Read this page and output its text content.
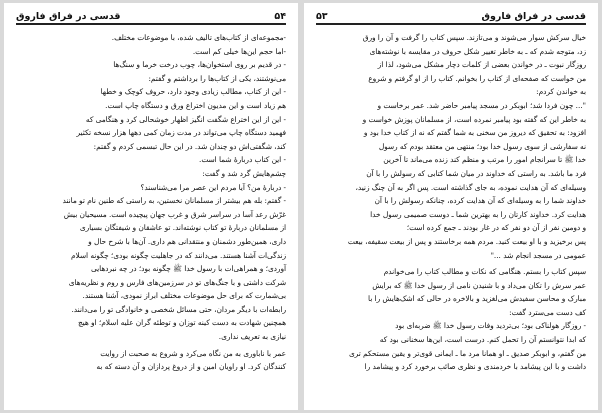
۵۴
قدسی در فراق فاروق

-مجموعه‌ای از کتاب‌های تالیف شده، با موضوعات مختلف.

-اما حجم این‌ها خیلی کم است.

- در قدیم بر روی استخوان‌ها، چوب درخت خرما و سنگ‌ها

می‌نوشتند، یکی از کتاب‌ها را برداشتم و گفتم:

- این از کتاب، مطالب زیادی وجود دارد، حروف کوچک و خطها

هم زیاد است و این مدیون اختراع ورق و دستگاه چاپ است.

- این از این اختراع شگفت انگیز اظهار خوشحالی کرد و هنگامی که

فهمید دستگاه چاپ می‌تواند در مدت زمان کمی دهها هزار نسخه تکثیر

کند، شگفتی‌اش دو چندان شد. در این حال تبسمی کردم و گفتم:

- این کتاب دربارهٔ شما است.

چشم‌هایش گرد شد و گفت:

- دربارهٔ من؟ آیا مردم این عصر مرا می‌شناسند؟

- گفتم: بله هم بیشتر از مسلمانان نخستین، به راستی که طنین نام تو مانند

غرّش رعد آسا در سراسر شرق و غرب جهان پیچیده است. مسیحیان بیش

از مسلمانان دربارهٔ تو کتاب نوشته‌اند. تو عاشقان و شیفتگان بسیاری

داری، همین‌طور دشمنان و منتقدانی هم داری. آن‌ها با شرح حال و

زندگی‌ات آشنا هستند. می‌دانند که در جاهلیت چگونه بودی؛ چگونه اسلام

آوردی؛ و همراهی‌ات با رسول خدا ﷺ چگونه بود؛ در چه نبردهایی

شرکت داشتی و با جنگ‌های تو در سرزمین‌های فارس و روم و نظریه‌های

بی‌شمارت که برای حل موضوعات مختلف ابراز نمودی، آشنا هستند.

رابطه‌ات با دیگر مردان، حتی مسائل شخصی و خانوادگی تو را می‌دانند.

همچنین شهادت به دست کینه توزان و توطئه گران علیه اسلام؛ او هیچ

نیازی به تعریف نداری.

عمر با ناباوری به من نگاه می‌کرد و شروع به صحبت از روایت

کنندگان کرد. او راویان امین و از دروغ پردازان و آن دسته که به

قدسی در فراق فاروق
۵۳

خیال سرکش سوار می‌شوند و می‌تازند. سپس کتاب را گرفت و آن را ورق

زد، متوجه شدم که ـ به خاطر تغییر شکل حروف در مقایسه با نوشته‌های

روزگار نبوت ـ در خواندن بعضی از کلمات دچار مشکل می‌شود، لذا از

من خواست که صفحه‌ای از کتاب را بخوانم. کتاب را از او گرفتم و شروع

به خواندن کردم:

"... چون فردا شد؛ ابوبکر در مسجد پیامبر حاضر شد. عمر برخاست و

به خاطر این که گفته بود پیامبر نمرده است، از مسلمانان پوزش خواست و

افزود: به تحقیق که دیروز من سخنی به شما گفتم که نه از کتاب خدا بود و

نه سفارشی از سوی رسول خدا بود؛ منتهی من معتقد بودم که رسول

خدا ﷺ تا سرانجام امور را مرتب و منظم کند زنده می‌ماند تا آخرین

فرد ما باشد. به راستی که خداوند در میان شما کتابی که رسولش را با آن

وسیله‌ای که آن هدایت نموده، به جای گذاشته است. پس اگر به آن چنگ زنید،

خداوند شما را به وسیله‌ای که آن هدایت کرده، چنانکه رسولش را با آن

هدایت کرد. خداوند کارتان را به بهترین شما ـ دوست صمیمی رسول خدا

و دومین نفر از آن دو نفر که در غار بودند ـ جمع کرده است؛

پس برخیزید و با او بیعت کنید. مردم همه برخاستند و پس از بیعت سقیفه، بیعت

عمومی در مسجد انجام شد ..."

سپس کتاب را بستم. هنگامی که نکات و مطالب کتاب را می‌خواندم

عمر سرش را تکان می‌داد و با شنیدن نامی از رسول خدا ﷺ که برایش

مبارک و محاسن سفیدش می‌لغزید و بالاخره در حالی که اشک‌هایش را با

کف دست می‌سترد گفت:

- روزگار هولناکی بود؛ بی‌تردید وفات رسول خدا ﷺ ضربه‌ای بود

که ابدا نتوانستم آن را تحمل کنم. درست است، این‌ها سخنانی بود که

من گفتم، و ابوبکر صدیق ـ او همانا مرد ما ـ ایمانی قوی‌تر و یقین مستحکم تری

داشت و با این پیشامد با خردمندی و نظری صائب برخورد کرد و پیشامد را
